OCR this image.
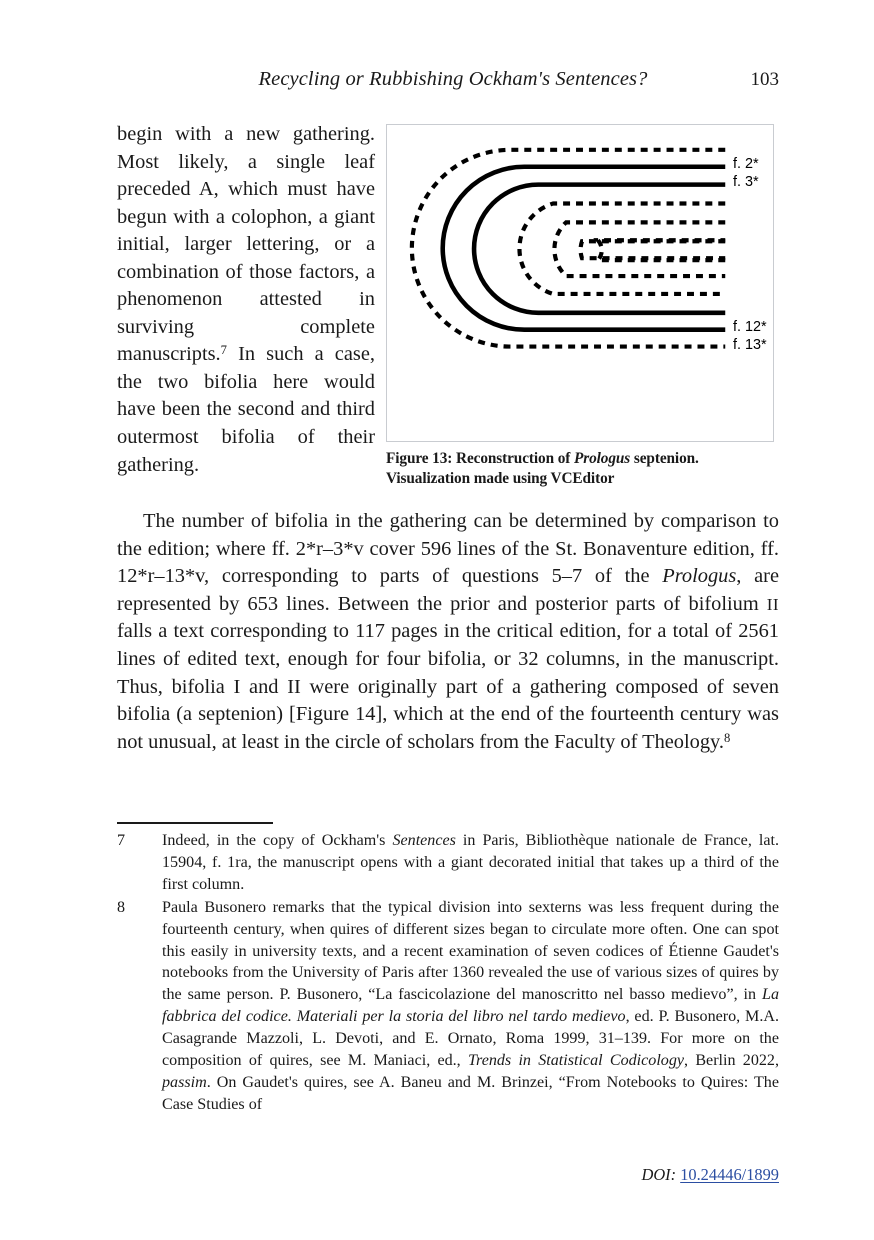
Recycling or Rubbishing Ockham's Sentences?	103
begin with a new gathering. Most likely, a single leaf preceded A, which must have begun with a colophon, a giant initial, larger lettering, or a combination of those factors, a phenomenon attested in surviving complete manuscripts.$^7$ In such a case, the two bifolia here would have been the second and third outermost bifolia of their gathering.
f. 2*
f. 3*
f. 12*
f. 13*
Figure 13: Reconstruction of Prologus septenion. Visualization made using VCEditor

The number of bifolia in the gathering can be determined by comparison to the edition; where ff. 2*r–3*v cover 596 lines of the St. Bonaventure edition, ff. 12*r–13*v, corresponding to parts of questions 5–7 of the Prologus, are represented by 653 lines. Between the prior and posterior parts of bifolium II falls a text corresponding to 117 pages in the critical edition, for a total of 2561 lines of edited text, enough for four bifolia, or 32 columns, in the manuscript. Thus, bifolia I and II were originally part of a gathering composed of seven bifolia (a septenion) [Figure 14], which at the end of the fourteenth century was not unusual, at least in the circle of scholars from the Faculty of Theology.$^8$

7	Indeed, in the copy of Ockham's Sentences in Paris, Bibliothèque nationale de France, lat. 15904, f. 1ra, the manuscript opens with a giant decorated initial that takes up a third of the first column.
8	Paula Busonero remarks that the typical division into sexterns was less frequent during the fourteenth century, when quires of different sizes began to circulate more often. One can spot this easily in university texts, and a recent examination of seven codices of Étienne Gaudet's notebooks from the University of Paris after 1360 revealed the use of various sizes of quires by the same person. P. Busonero, “La fascicolazione del manoscritto nel basso medievo”, in La fabbrica del codice. Materiali per la storia del libro nel tardo medievo, ed. P. Busonero, M.A. Casagrande Mazzoli, L. Devoti, and E. Ornato, Roma 1999, 31–139. For more on the composition of quires, see M. Maniaci, ed., Trends in Statistical Codicology, Berlin 2022, passim. On Gaudet's quires, see A. Baneu and M. Brinzei, “From Notebooks to Quires: The Case Studies of
DOI: 10.24446/1899
